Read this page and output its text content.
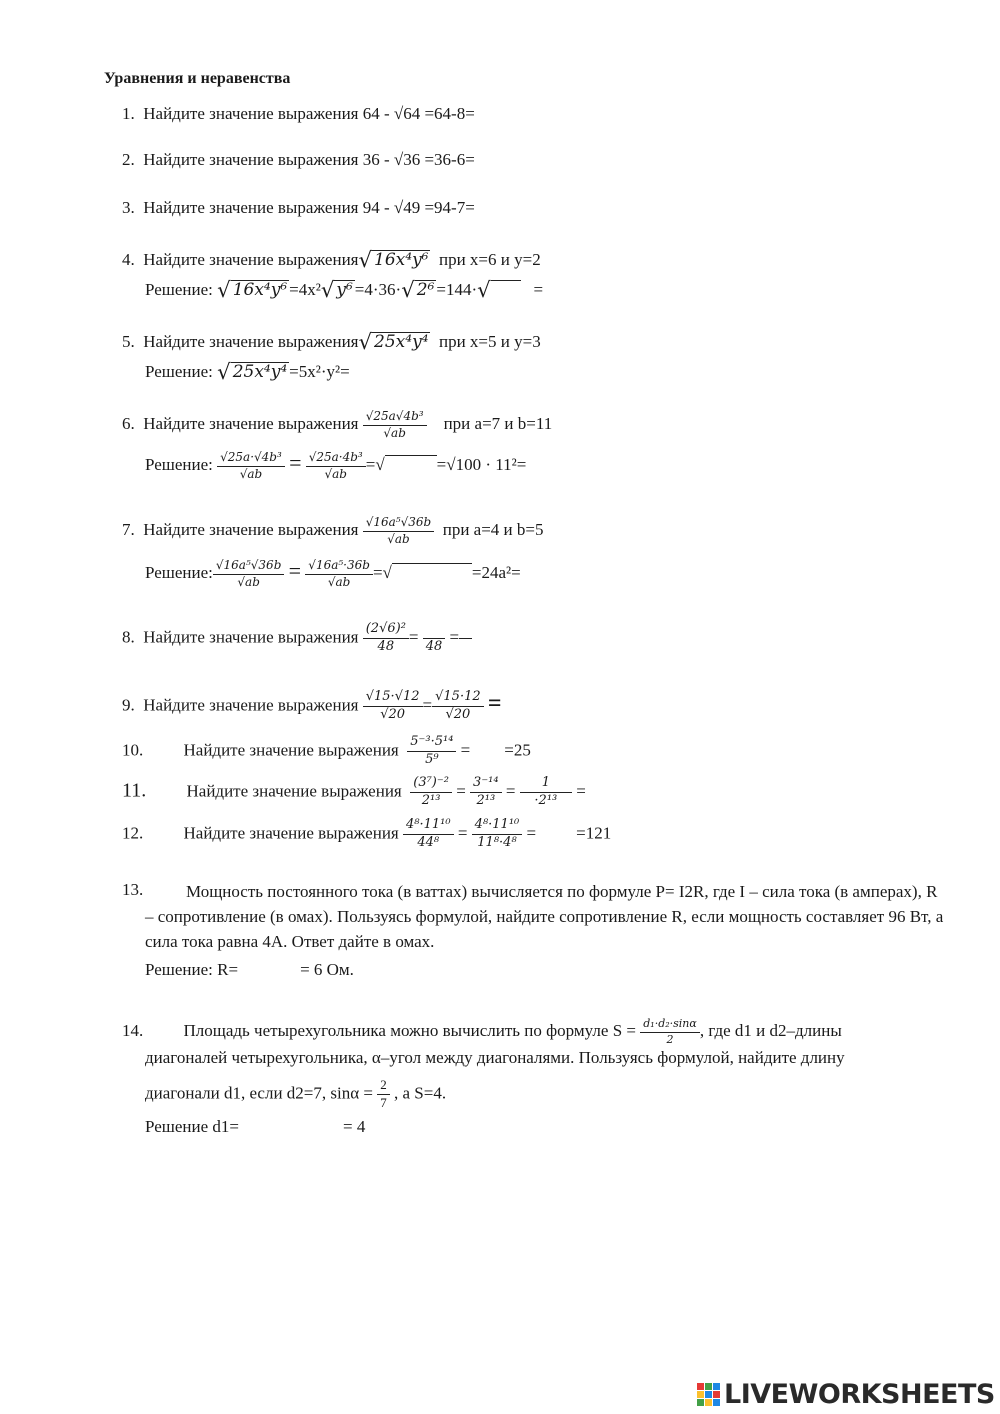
Уравнения и неравенства
1. Найдите значение выражения 64 - √64 =64-8=
2. Найдите значение выражения 36 - √36 =36-6=
3. Найдите значение выражения 94 - √49 =94-7=
4. Найдите значение выражения√ 16x⁴y⁶ при x=6 и y=2
Решение: √ 16x⁴y⁶ =4x²√ y⁶ =4·36·√ 2⁶ =144·√	=
5. Найдите значение выражения√ 25x⁴y⁴ при x=5 и y=3
Решение: √ 25x⁴y⁴ =5x²·y²=
6. Найдите значение выражения $\frac{\text{√25a√4b³}}{√ab}$ при a=7 и b=11
Решение: $\frac{\text{√25a·√4b³}}{√ab} = \frac{\text{√25a·4b³}}{√ab}$ =√	=√100 · 11²=
7. Найдите значение выражения $\frac{\text{√16a⁵√36b}}{√ab}$ при a=4 и b=5
Решение: $\frac{\text{√16a⁵√36b}}{√ab} = \frac{\text{√16a⁵·36b}}{√ab}$ =√	=24a²=
8. Найдите значение выражения $\frac{\text{(2√6)²}}{48}$ =

48
=

9. Найдите значение выражения $\frac{√15\cdot√12}{√20} = \frac{√15\cdot 12}{√20}$ =
10. Найдите значение выражения $\frac{\text{5⁻³·5¹⁴}}{\text{5⁹}} = =25$
11. Найдите значение выражения $\frac{\text{(3⁷)⁻²}}{\text{2¹³}} = \frac{\text{3⁻¹⁴}}{\text{2¹³}} = \frac{1}{\text{·2¹³}}$ =
12. Найдите значение выражения $\frac{\text{4⁸·11¹⁰}}{\text{44⁸}} = \frac{\text{4⁸·11¹⁰}}{\text{11⁸·4⁸}} = =121$
13.	Мощность постоянного тока (в ваттах) вычисляется по формуле P= I2R, где I – сила тока (в амперах), R – сопротивление (в омах). Пользуясь формулой, найдите сопротивление R, если мощность составляет 96 Вт, а сила тока равна 4А. Ответ дайте в омах.
Решение: R=	= 6 Ом.
14. Площадь четырехугольника можно вычислить по формуле $S = \frac{\text{d₁·d₂·sinα}}{2}$ , где d1 и d2–длины
диагоналей четырехугольника, α–угол между диагоналями. Пользуясь формулой, найдите длину
диагонали d1, если d2=7, $\sin\alpha = \frac{2}{7}$ , а S=4.
Решение d1=	= 4
LIVEWORKSHEETS
